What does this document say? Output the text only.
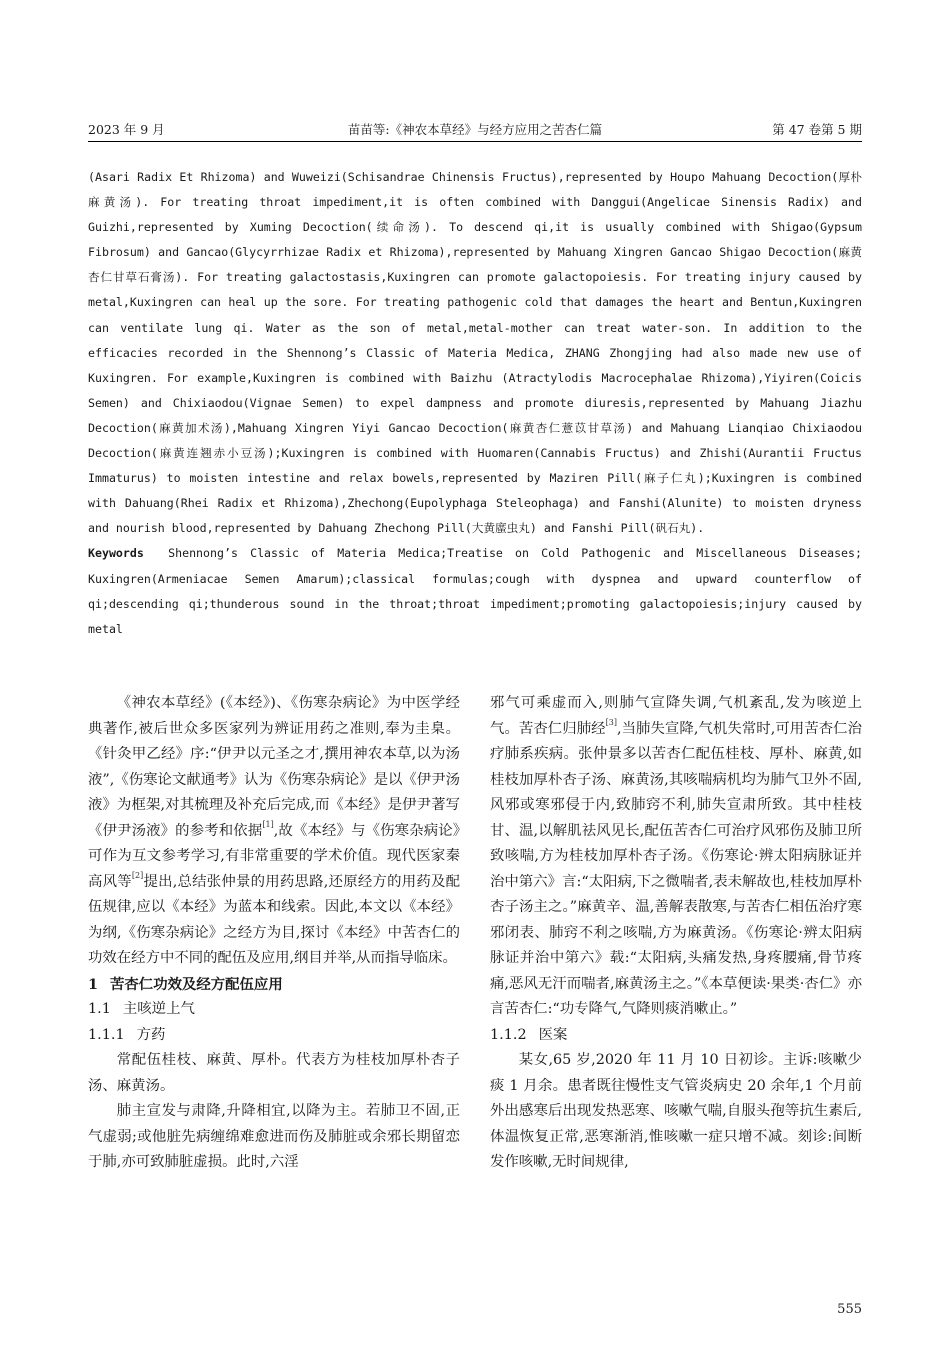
2023 年 9 月	苗苗等:《神农本草经》与经方应用之苦杏仁篇	第 47 卷第 5 期

(Asari Radix Et Rhizoma) and Wuweizi(Schisandrae Chinensis Fructus),represented by Houpo Mahuang Decoction(厚朴麻黄汤). For treating throat impediment,it is often combined with Danggui(Angelicae Sinensis Radix) and Guizhi,represented by Xuming Decoction(续命汤). To descend qi,it is usually combined with Shigao(Gypsum Fibrosum) and Gancao(Glycyrrhizae Radix et Rhizoma),represented by Mahuang Xingren Gancao Shigao Decoction(麻黄杏仁甘草石膏汤). For treating galactostasis,Kuxingren can promote galactopoiesis. For treating injury caused by metal,Kuxingren can heal up the sore. For treating pathogenic cold that damages the heart and Bentun,Kuxingren can ventilate lung qi. Water as the son of metal,metal-mother can treat water-son. In addition to the efficacies recorded in the Shennong’s Classic of Materia Medica, ZHANG Zhongjing had also made new use of Kuxingren. For example,Kuxingren is combined with Baizhu (Atractylodis Macrocephalae Rhizoma),Yiyiren(Coicis Semen) and Chixiaodou(Vignae Semen) to expel dampness and promote diuresis,represented by Mahuang Jiazhu Decoction(麻黄加术汤),Mahuang Xingren Yiyi Gancao Decoction(麻黄杏仁薏苡甘草汤) and Mahuang Lianqiao Chixiaodou Decoction(麻黄连翘赤小豆汤);Kuxingren is combined with Huomaren(Cannabis Fructus) and Zhishi(Aurantii Fructus Immaturus) to moisten intestine and relax bowels,represented by Maziren Pill(麻子仁丸);Kuxingren is combined with Dahuang(Rhei Radix et Rhizoma),Zhechong(Eupolyphaga Steleophaga) and Fanshi(Alunite) to moisten dryness and nourish blood,represented by Dahuang Zhechong Pill(大黄䗪虫丸) and Fanshi Pill(矾石丸).

Keywords Shennong’s Classic of Materia Medica;Treatise on Cold Pathogenic and Miscellaneous Diseases; Kuxingren(Armeniacae Semen Amarum);classical formulas;cough with dyspnea and upward counterflow of qi;descending qi;thunderous sound in the throat;throat impediment;promoting galactopoiesis;injury caused by metal

《神农本草经》(《本经》)、《伤寒杂病论》为中医学经典著作,被后世众多医家列为辨证用药之准则,奉为圭臬。《针灸甲乙经》序:“伊尹以元圣之才,撰用神农本草,以为汤液”,《伤寒论文献通考》认为《伤寒杂病论》是以《伊尹汤液》为框架,对其梳理及补充后完成,而《本经》是伊尹著写《伊尹汤液》的参考和依据[1],故《本经》与《伤寒杂病论》可作为互文参考学习,有非常重要的学术价值。现代医家秦高风等[2]提出,总结张仲景的用药思路,还原经方的用药及配伍规律,应以《本经》为蓝本和线索。因此,本文以《本经》为纲,《伤寒杂病论》之经方为目,探讨《本经》中苦杏仁的功效在经方中不同的配伍及应用,纲目并举,从而指导临床。

1 苦杏仁功效及经方配伍应用
1.1 主咳逆上气
1.1.1 方药

常配伍桂枝、麻黄、厚朴。代表方为桂枝加厚朴杏子汤、麻黄汤。

肺主宣发与肃降,升降相宜,以降为主。若肺卫不固,正气虚弱;或他脏先病缠绵难愈进而伤及肺脏或余邪长期留恋于肺,亦可致肺脏虚损。此时,六淫

邪气可乘虚而入,则肺气宣降失调,气机紊乱,发为咳逆上气。苦杏仁归肺经[3],当肺失宣降,气机失常时,可用苦杏仁治疗肺系疾病。张仲景多以苦杏仁配伍桂枝、厚朴、麻黄,如桂枝加厚朴杏子汤、麻黄汤,其咳喘病机均为肺气卫外不固,风邪或寒邪侵于内,致肺窍不利,肺失宣肃所致。其中桂枝甘、温,以解肌祛风见长,配伍苦杏仁可治疗风邪伤及肺卫所致咳喘,方为桂枝加厚朴杏子汤。《伤寒论·辨太阳病脉证并治中第六》言:“太阳病,下之微喘者,表未解故也,桂枝加厚朴杏子汤主之。”麻黄辛、温,善解表散寒,与苦杏仁相伍治疗寒邪闭表、肺窍不利之咳喘,方为麻黄汤。《伤寒论·辨太阳病脉证并治中第六》载:“太阳病,头痛发热,身疼腰痛,骨节疼痛,恶风无汗而喘者,麻黄汤主之。”《本草便读·果类·杏仁》亦言苦杏仁:“功专降气,气降则痰消嗽止。”

1.1.2 医案

某女,65 岁,2020 年 11 月 10 日初诊。主诉:咳嗽少痰 1 月余。患者既往慢性支气管炎病史 20 余年,1 个月前外出感寒后出现发热恶寒、咳嗽气喘,自服头孢等抗生素后,体温恢复正常,恶寒渐消,惟咳嗽一症只增不减。刻诊:间断发作咳嗽,无时间规律,

555
